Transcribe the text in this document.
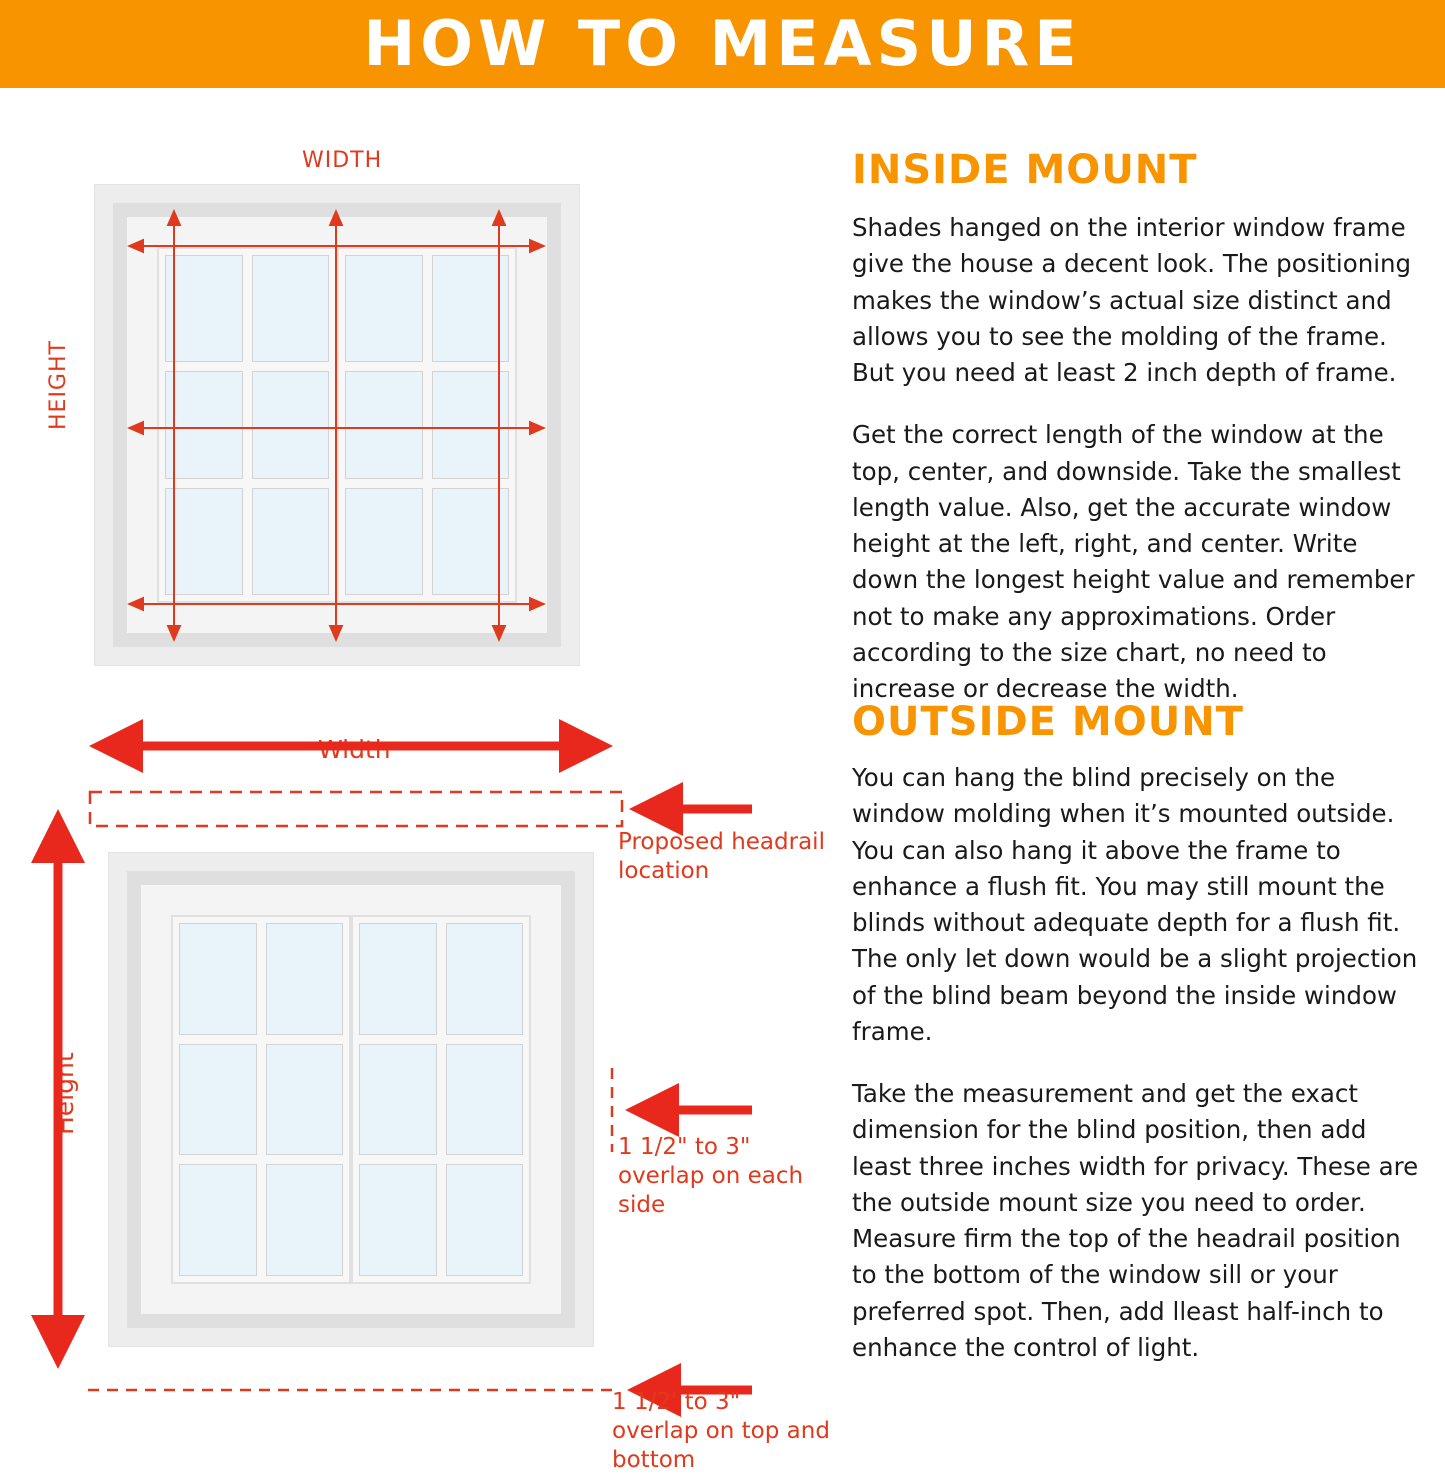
HOW TO MEASURE
WIDTH
HEIGHT
Width
Height
Proposed headrail location
1 1/2" to 3" overlap on each side
1 1/2' to 3" overlap on top and bottom
INSIDE MOUNT

Shades hanged on the interior window frame give the house a decent look. The positioning makes the window’s actual size distinct and allows you to see the molding of the frame. But you need at least 2 inch depth of frame.

Get the correct length of the window at the top, center, and downside. Take the smallest length value. Also, get the accurate window height at the left, right, and center. Write down the longest height value and remember not to make any approximations. Order according to the size chart, no need to increase or decrease the width.

OUTSIDE MOUNT

You can hang the blind precisely on the window molding when it’s mounted outside. You can also hang it above the frame to enhance a flush fit. You may still mount the blinds without adequate depth for a flush fit. The only let down would be a slight projection of the blind beam beyond the inside window frame.

Take the measurement and get the exact dimension for the blind position, then add least three inches width for privacy. These are the outside mount size you need to order. Measure firm the top of the headrail position to the bottom of the window sill or your preferred spot. Then, add lleast half-inch to enhance the control of light.
